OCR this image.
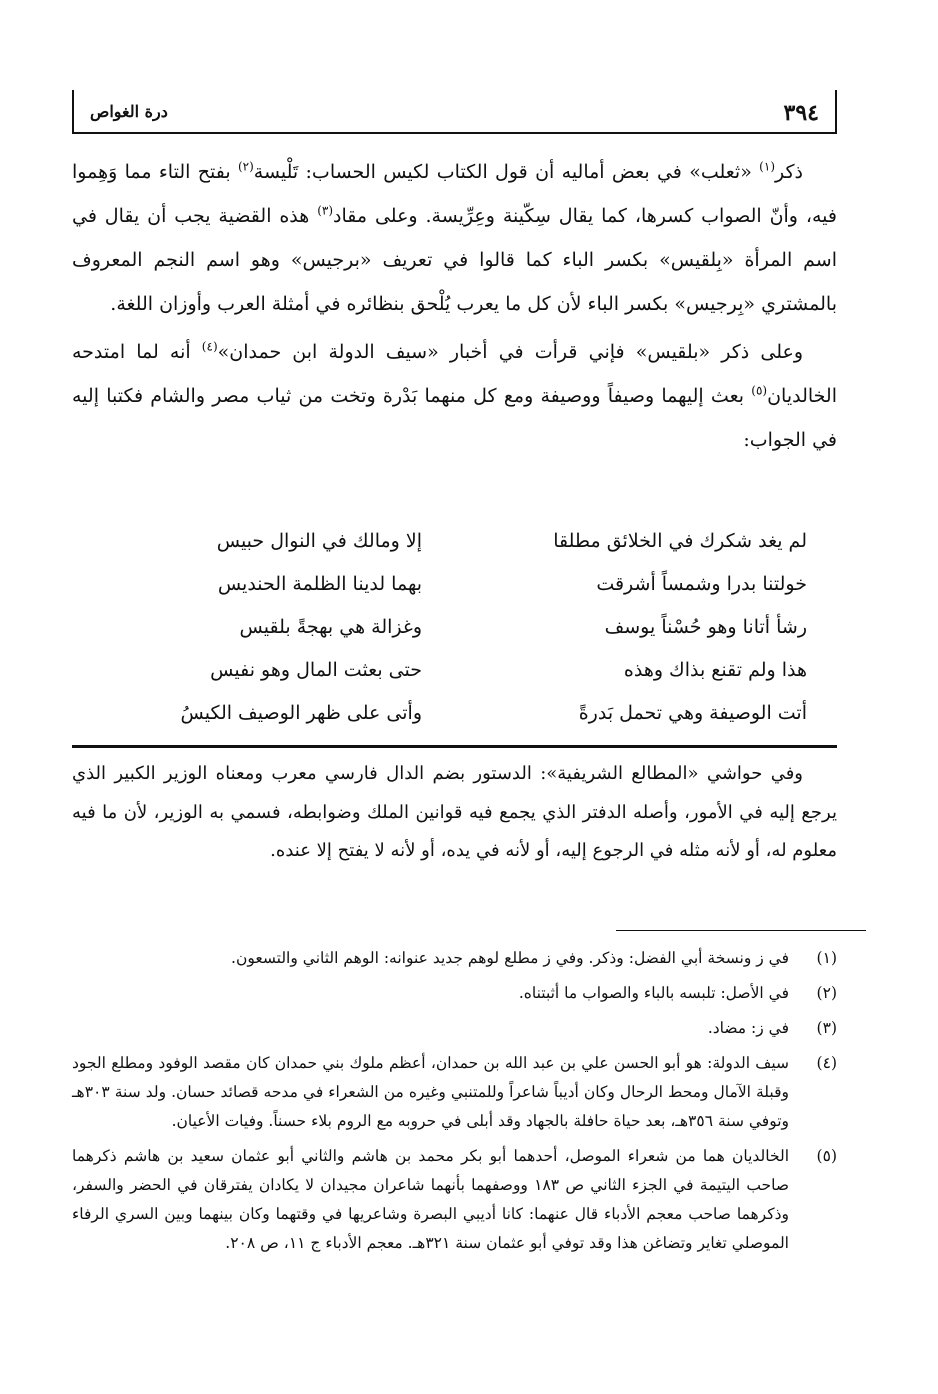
٣٩٤
درة الغواص

ذكر$^{(١)}$ «ثعلب» في بعض أماليه أن قول الكتاب لكيس الحساب: تَلْيسة$^{(٢)}$ بفتح التاء مما وَهِموا فيه، وأنّ الصواب كسرها، كما يقال سِكّينة وعِرِّيسة. وعلى مقاد$^{(٣)}$ هذه القضية يجب أن يقال في اسم المرأة «بِلقيس» بكسر الباء كما قالوا في تعريف «برجيس» وهو اسم النجم المعروف بالمشتري «بِرجيس» بكسر الباء لأن كل ما يعرب يُلْحق بنظائره في أمثلة العرب وأوزان اللغة.

وعلى ذكر «بلقيس» فإني قرأت في أخبار «سيف الدولة ابن حمدان»$^{(٤)}$ أنه لما امتدحه الخالديان$^{(٥)}$ بعث إليهما وصيفاً ووصيفة ومع كل منهما بَدْرة وتخت من ثياب مصر والشام فكتبا إليه في الجواب:

لم يغد شكرك في الخلائق مطلقا
إلا ومالك في النوال حبيس
خولتنا بدرا وشمساً أشرقت
بهما لدينا الظلمة الحنديس
رشأ أتانا وهو حُسْناً يوسف
وغزالة هي بهجةً بلقيس
هذا ولم تقنع بذاك وهذه
حتى بعثت المال وهو نفيس
أتت الوصيفة وهي تحمل بَدرةً
وأتى على ظهر الوصيف الكيسُ

وفي حواشي «المطالع الشريفية»: الدستور بضم الدال فارسي معرب ومعناه الوزير الكبير الذي يرجع إليه في الأمور، وأصله الدفتر الذي يجمع فيه قوانين الملك وضوابطه، فسمي به الوزير، لأن ما فيه معلوم له، أو لأنه مثله في الرجوع إليه، أو لأنه في يده، أو لأنه لا يفتح إلا عنده.

(١)
في ز ونسخة أبي الفضل: وذكر. وفي ز مطلع لوهم جديد عنوانه: الوهم الثاني والتسعون.

(٢)
في الأصل: تلبسه بالباء والصواب ما أثبتناه.

(٣)
في ز: مضاد.

(٤)
سيف الدولة: هو أبو الحسن علي بن عبد الله بن حمدان، أعظم ملوك بني حمدان كان مقصد الوفود ومطلع الجود وقبلة الآمال ومحط الرحال وكان أديباً شاعراً وللمتنبي وغيره من الشعراء في مدحه قصائد حسان. ولد سنة ٣٠٣هـ وتوفي سنة ٣٥٦هـ، بعد حياة حافلة بالجهاد وقد أبلى في حروبه مع الروم بلاء حسناً. وفيات الأعيان.

(٥)
الخالديان هما من شعراء الموصل، أحدهما أبو بكر محمد بن هاشم والثاني أبو عثمان سعيد بن هاشم ذكرهما صاحب اليتيمة في الجزء الثاني ص ١٨٣ ووصفهما بأنهما شاعران مجيدان لا يكادان يفترقان في الحضر والسفر، وذكرهما صاحب معجم الأدباء قال عنهما: كانا أديبي البصرة وشاعريها في وقتهما وكان بينهما وبين السري الرفاء الموصلي تغاير وتضاغن هذا وقد توفي أبو عثمان سنة ٣٢١هـ. معجم الأدباء ج ١١، ص ٢٠٨.
